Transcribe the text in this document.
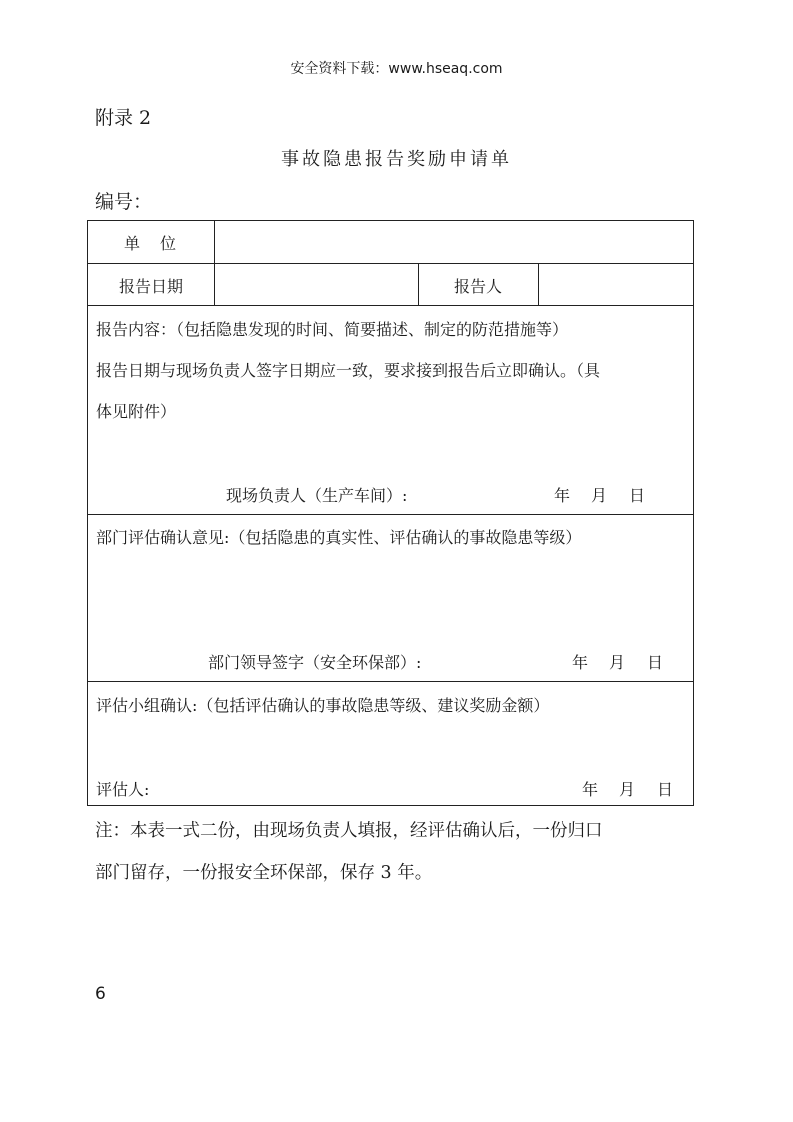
安全资料下载：www.hseaq.com
附录 2
事故隐患报告奖励申请单
编号：
单　位
报告日期	报告人
报告内容：（包括隐患发现的时间、简要描述、制定的防范措施等）
报告日期与现场负责人签字日期应一致，要求接到报告后立即确认。（具
体见附件）
现场负责人（生产车间）:	年 月 日
部门评估确认意见:（包括隐患的真实性、评估确认的事故隐患等级）
部门领导签字（安全环保部）:	年 月 日
评估小组确认:（包括评估确认的事故隐患等级、建议奖励金额）
评估人:	年 月 日
注：本表一式二份，由现场负责人填报，经评估确认后，一份归口
部门留存，一份报安全环保部，保存 3 年。
6
